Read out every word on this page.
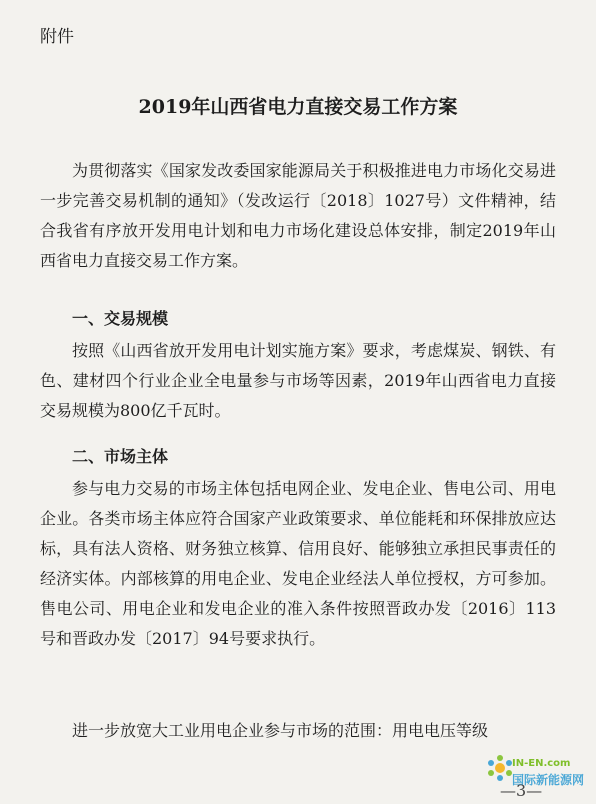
附件
2019年山西省电力直接交易工作方案
为贯彻落实《国家发改委国家能源局关于积极推进电力市场化交易进一步完善交易机制的通知》（发改运行〔2018〕1027号）文件精神，结合我省有序放开发用电计划和电力市场化建设总体安排，制定2019年山西省电力直接交易工作方案。
一、交易规模
按照《山西省放开发用电计划实施方案》要求，考虑煤炭、钢铁、有色、建材四个行业企业全电量参与市场等因素，2019年山西省电力直接交易规模为800亿千瓦时。
二、市场主体
参与电力交易的市场主体包括电网企业、发电企业、售电公司、用电企业。各类市场主体应符合国家产业政策要求、单位能耗和环保排放应达标，具有法人资格、财务独立核算、信用良好、能够独立承担民事责任的经济实体。内部核算的用电企业、发电企业经法人单位授权，方可参加。售电公司、用电企业和发电企业的准入条件按照晋政办发〔2016〕113号和晋政办发〔2017〕94号要求执行。
进一步放宽大工业用电企业参与市场的范围：用电电压等级
IN-EN.com
国际新能源网
—3—
